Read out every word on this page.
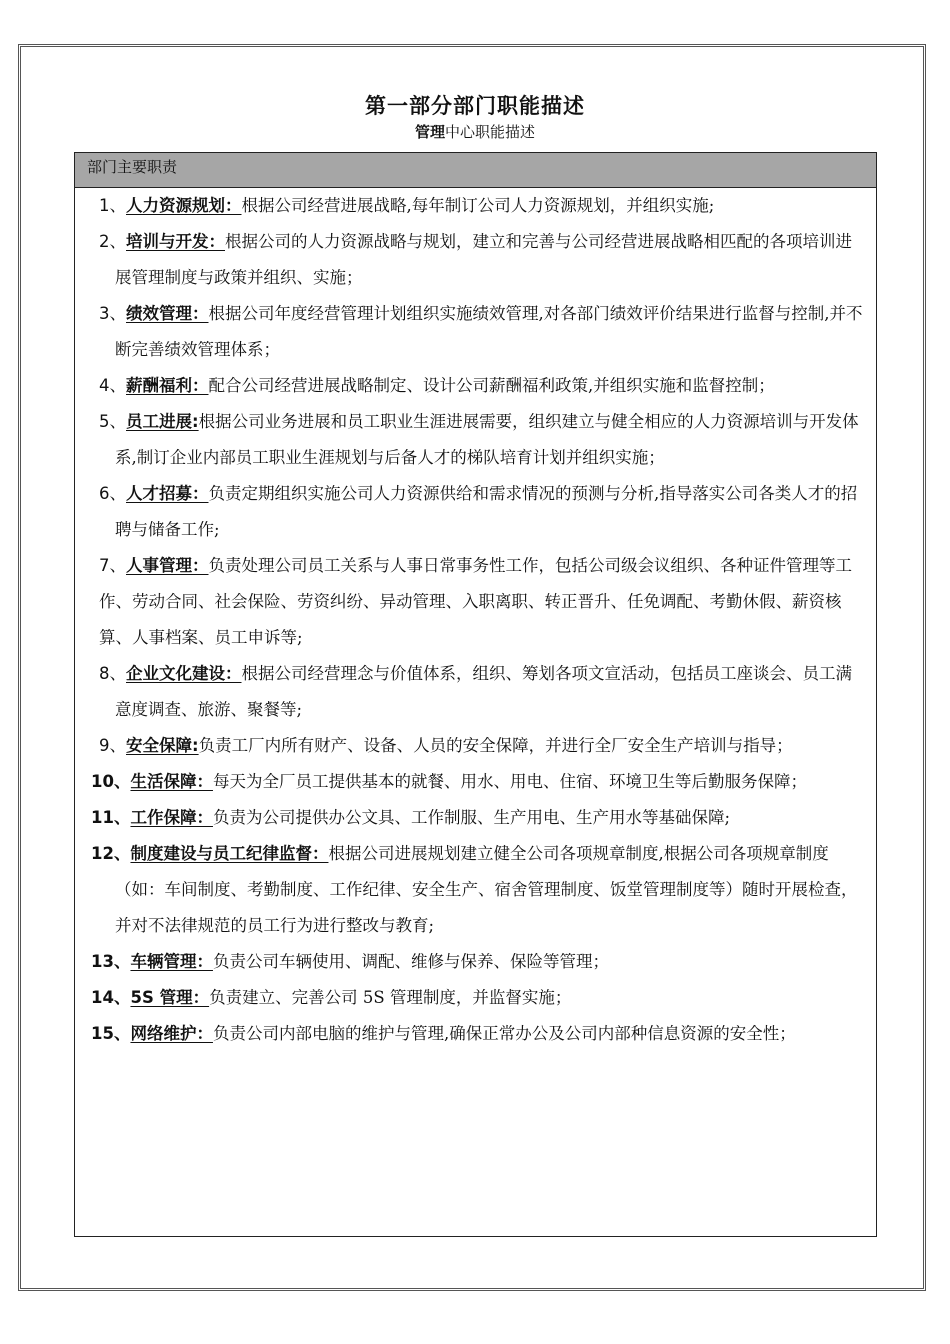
第一部分部门职能描述
管理中心职能描述
部门主要职责
1、人力资源规划：根据公司经营进展战略,每年制订公司人力资源规划，并组织实施;
2、培训与开发：根据公司的人力资源战略与规划，建立和完善与公司经营进展战略相匹配的各项培训进展管理制度与政策并组织、实施；
3、绩效管理：根据公司年度经营管理计划组织实施绩效管理,对各部门绩效评价结果进行监督与控制,并不断完善绩效管理体系；
4、薪酬福利：配合公司经营进展战略制定、设计公司薪酬福利政策,并组织实施和监督控制；
5、员工进展:根据公司业务进展和员工职业生涯进展需要，组织建立与健全相应的人力资源培训与开发体系,制订企业内部员工职业生涯规划与后备人才的梯队培育计划并组织实施；
6、人才招募：负责定期组织实施公司人力资源供给和需求情况的预测与分析,指导落实公司各类人才的招聘与储备工作;
7、人事管理：负责处理公司员工关系与人事日常事务性工作，包括公司级会议组织、各种证件管理等工作、劳动合同、社会保险、劳资纠纷、异动管理、入职离职、转正晋升、任免调配、考勤休假、薪资核算、人事档案、员工申诉等;
8、企业文化建设：根据公司经营理念与价值体系，组织、筹划各项文宣活动，包括员工座谈会、员工满意度调查、旅游、聚餐等;
9、安全保障:负责工厂内所有财产、设备、人员的安全保障，并进行全厂安全生产培训与指导；
10、生活保障：每天为全厂员工提供基本的就餐、用水、用电、住宿、环境卫生等后勤服务保障；
11、工作保障：负责为公司提供办公文具、工作制服、生产用电、生产用水等基础保障;
12、制度建设与员工纪律监督：根据公司进展规划建立健全公司各项规章制度,根据公司各项规章制度（如：车间制度、考勤制度、工作纪律、安全生产、宿舍管理制度、饭堂管理制度等）随时开展检查，并对不法律规范的员工行为进行整改与教育;
13、车辆管理：负责公司车辆使用、调配、维修与保养、保险等管理；
14、5S 管理：负责建立、完善公司 5S 管理制度，并监督实施；
15、网络维护：负责公司内部电脑的维护与管理,确保正常办公及公司内部种信息资源的安全性；
